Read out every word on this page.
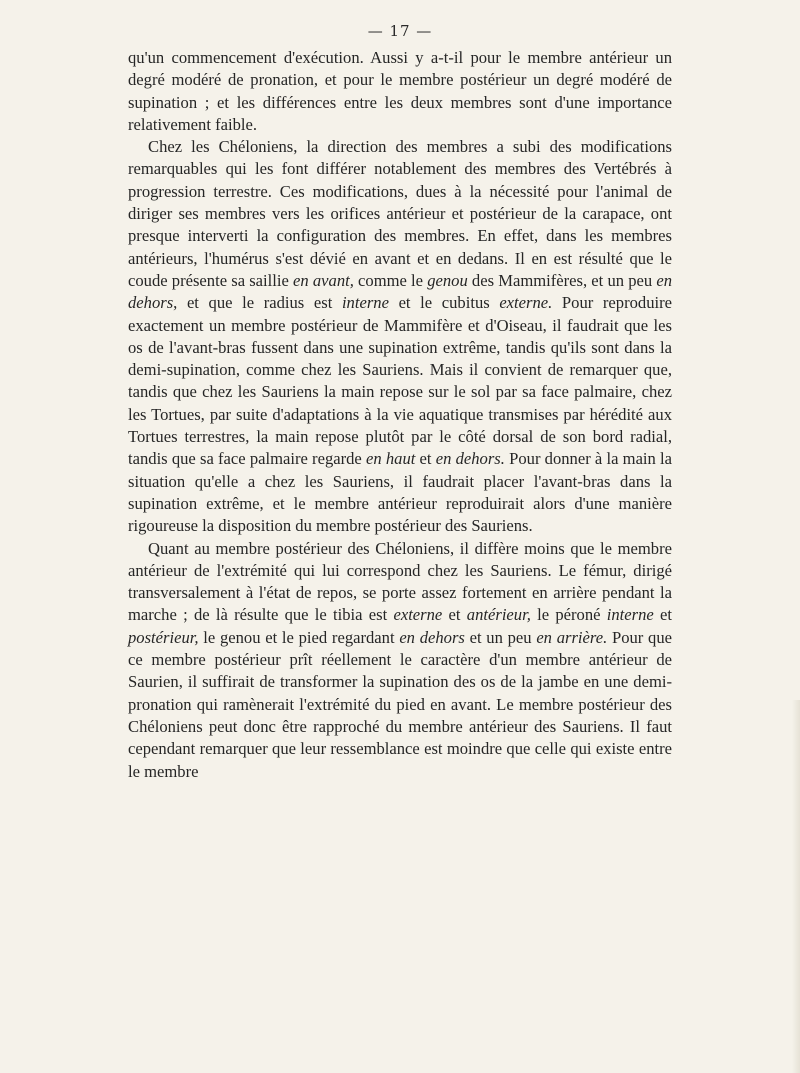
— 17 —

qu'un commencement d'exécution. Aussi y a-t-il pour le membre antérieur un degré modéré de pronation, et pour le membre postérieur un degré modéré de supination ; et les différences entre les deux membres sont d'une importance relativement faible.

Chez les Chéloniens, la direction des membres a subi des modifications remarquables qui les font différer notablement des membres des Vertébrés à progression terrestre. Ces modifications, dues à la nécessité pour l'animal de diriger ses membres vers les orifices antérieur et postérieur de la carapace, ont presque interverti la configuration des membres. En effet, dans les membres antérieurs, l'humérus s'est dévié en avant et en dedans. Il en est résulté que le coude présente sa saillie en avant, comme le genou des Mammifères, et un peu en dehors, et que le radius est interne et le cubitus externe. Pour reproduire exactement un membre postérieur de Mammifère et d'Oiseau, il faudrait que les os de l'avant-bras fussent dans une supination extrême, tandis qu'ils sont dans la demi-supination, comme chez les Sauriens. Mais il convient de remarquer que, tandis que chez les Sauriens la main repose sur le sol par sa face palmaire, chez les Tortues, par suite d'adaptations à la vie aquatique transmises par hérédité aux Tortues terrestres, la main repose plutôt par le côté dorsal de son bord radial, tandis que sa face palmaire regarde en haut et en dehors. Pour donner à la main la situation qu'elle a chez les Sauriens, il faudrait placer l'avant-bras dans la supination extrême, et le membre antérieur reproduirait alors d'une manière rigoureuse la disposition du membre postérieur des Sauriens.

Quant au membre postérieur des Chéloniens, il diffère moins que le membre antérieur de l'extrémité qui lui correspond chez les Sauriens. Le fémur, dirigé transversalement à l'état de repos, se porte assez fortement en arrière pendant la marche ; de là résulte que le tibia est externe et antérieur, le péroné interne et postérieur, le genou et le pied regardant en dehors et un peu en arrière. Pour que ce membre postérieur prît réellement le caractère d'un membre antérieur de Saurien, il suffirait de transformer la supination des os de la jambe en une demi-pronation qui ramènerait l'extrémité du pied en avant. Le membre postérieur des Chéloniens peut donc être rapproché du membre antérieur des Sauriens. Il faut cependant remarquer que leur ressemblance est moindre que celle qui existe entre le membre
